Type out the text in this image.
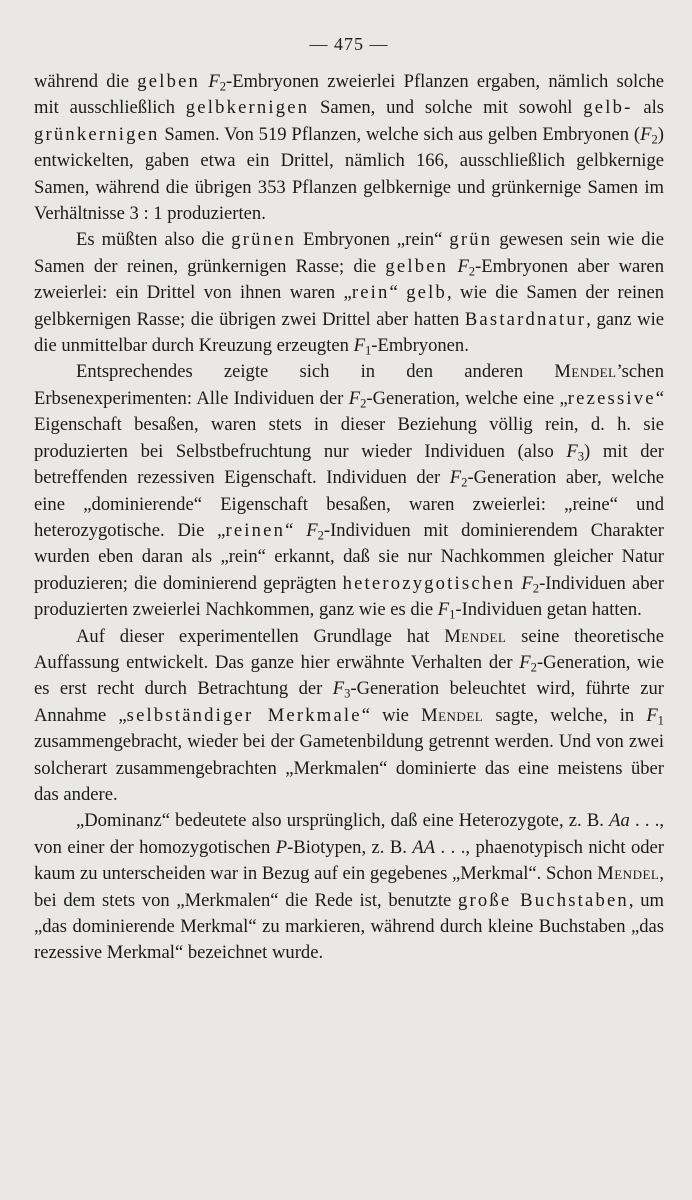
— 475 —

während die gelben $F_2$-Embryonen zweierlei Pflanzen ergaben, nämlich solche mit ausschließlich gelbkernigen Samen, und solche mit sowohl gelb- als grünkernigen Samen. Von 519 Pflanzen, welche sich aus gelben Embryonen $(F_2)$ entwickelten, gaben etwa ein Drittel, nämlich 166, ausschließlich gelbkernige Samen, während die übrigen 353 Pflanzen gelbkernige und grünkernige Samen im Verhältnisse 3 : 1 produzierten.

Es müßten also die grünen Embryonen „rein“ grün gewesen sein wie die Samen der reinen, grünkernigen Rasse; die gelben $F_2$-Embryonen aber waren zweierlei: ein Drittel von ihnen waren „rein“ gelb, wie die Samen der reinen gelbkernigen Rasse; die übrigen zwei Drittel aber hatten Bastardnatur, ganz wie die unmittelbar durch Kreuzung erzeugten $F_1$-Embryonen.

Entsprechendes zeigte sich in den anderen Mendel’schen Erbsenexperimenten: Alle Individuen der $F_2$-Generation, welche eine „rezessive“ Eigenschaft besaßen, waren stets in dieser Beziehung völlig rein, d. h. sie produzierten bei Selbstbefruchtung nur wieder Individuen (also $F_3$) mit der betreffenden rezessiven Eigenschaft. Individuen der $F_2$-Generation aber, welche eine „dominierende“ Eigenschaft besaßen, waren zweierlei: „reine“ und heterozygotische. Die „reinen“ $F_2$-Individuen mit dominierendem Charakter wurden eben daran als „rein“ erkannt, daß sie nur Nachkommen gleicher Natur produzieren; die dominierend geprägten heterozygotischen $F_2$-Individuen aber produzierten zweierlei Nachkommen, ganz wie es die $F_1$-Individuen getan hatten.

Auf dieser experimentellen Grundlage hat Mendel seine theoretische Auffassung entwickelt. Das ganze hier erwähnte Verhalten der $F_2$-Generation, wie es erst recht durch Betrachtung der $F_3$-Generation beleuchtet wird, führte zur Annahme „selbständiger Merkmale“ wie Mendel sagte, welche, in $F_1$ zusammengebracht, wieder bei der Gametenbildung getrennt werden. Und von zwei solcherart zusammengebrachten „Merkmalen“ dominierte das eine meistens über das andere.

„Dominanz“ bedeutete also ursprünglich, daß eine Heterozygote, z. B. Aa . . ., von einer der homozygotischen P-Biotypen, z. B. AA . . ., phaenotypisch nicht oder kaum zu unterscheiden war in Bezug auf ein gegebenes „Merkmal“. Schon Mendel, bei dem stets von „Merkmalen“ die Rede ist, benutzte große Buchstaben, um „das dominierende Merkmal“ zu markieren, während durch kleine Buchstaben „das rezessive Merkmal“ bezeichnet wurde.
